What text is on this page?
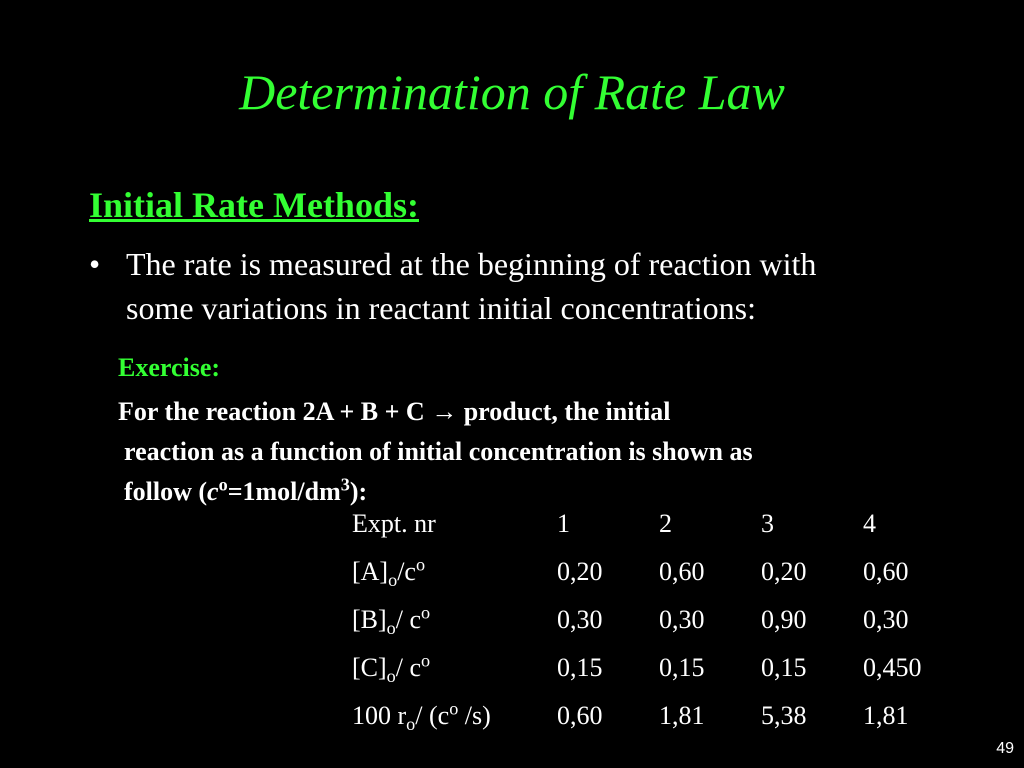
Determination of Rate Law
Initial Rate Methods:
• The rate is measured at the beginning of reaction with
some variations in reactant initial concentrations:
Exercise:
For the reaction 2A + B + C → product, the initial
reaction as a function of initial concentration is shown as
follow $(c^o=1mol/dm^3)$:
Expt. nr	1	2	3	4
$[A]_o/c^o$	0,20	0,60	0,20	0,60
$[B]_o/$ $c^o$	0,30	0,30	0,90	0,30
$[C]_o/$ $c^o$	0,15	0,15	0,15	0,450
100 $r_o/$ ($c^o$ /s)	0,60	1,81	5,38	1,81
49
